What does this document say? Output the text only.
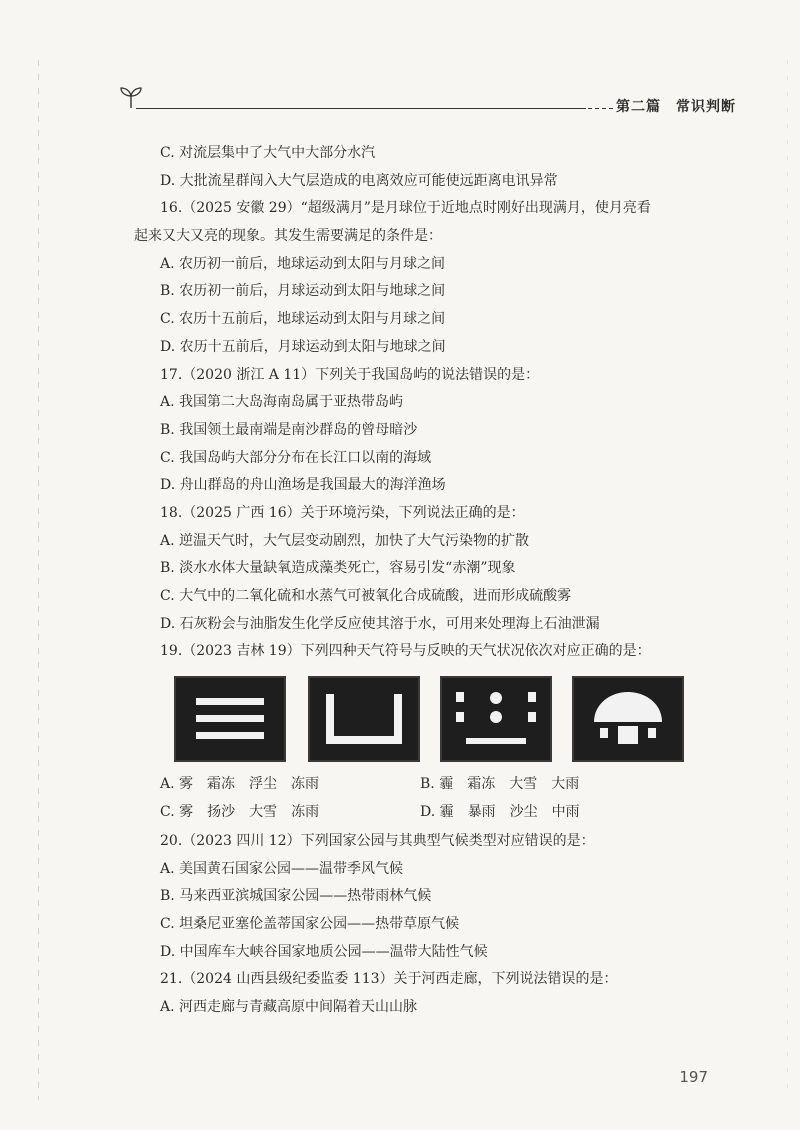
第二篇　常识判断
C. 对流层集中了大气中大部分水汽
D. 大批流星群闯入大气层造成的电离效应可能使远距离电讯异常
16.（2025 安徽 29）“超级满月”是月球位于近地点时刚好出现满月，使月亮看
起来又大又亮的现象。其发生需要满足的条件是：
A. 农历初一前后，地球运动到太阳与月球之间
B. 农历初一前后，月球运动到太阳与地球之间
C. 农历十五前后，地球运动到太阳与月球之间
D. 农历十五前后，月球运动到太阳与地球之间
17.（2020 浙江 A 11）下列关于我国岛屿的说法错误的是：
A. 我国第二大岛海南岛属于亚热带岛屿
B. 我国领土最南端是南沙群岛的曾母暗沙
C. 我国岛屿大部分分布在长江口以南的海域
D. 舟山群岛的舟山渔场是我国最大的海洋渔场
18.（2025 广西 16）关于环境污染，下列说法正确的是：
A. 逆温天气时，大气层变动剧烈，加快了大气污染物的扩散
B. 淡水水体大量缺氧造成藻类死亡，容易引发“赤潮”现象
C. 大气中的二氧化硫和水蒸气可被氧化合成硫酸，进而形成硫酸雾
D. 石灰粉会与油脂发生化学反应使其溶于水，可用来处理海上石油泄漏
19.（2023 吉林 19）下列四种天气符号与反映的天气状况依次对应正确的是：
A. 雾　霜冻　浮尘　冻雨	B. 霾　霜冻　大雪　大雨
C. 雾　扬沙　大雪　冻雨	D. 霾　暴雨　沙尘　中雨
20.（2023 四川 12）下列国家公园与其典型气候类型对应错误的是：
A. 美国黄石国家公园——温带季风气候
B. 马来西亚滨城国家公园——热带雨林气候
C. 坦桑尼亚塞伦盖蒂国家公园——热带草原气候
D. 中国库车大峡谷国家地质公园——温带大陆性气候
21.（2024 山西县级纪委监委 113）关于河西走廊，下列说法错误的是：
A. 河西走廊与青藏高原中间隔着天山山脉
197
